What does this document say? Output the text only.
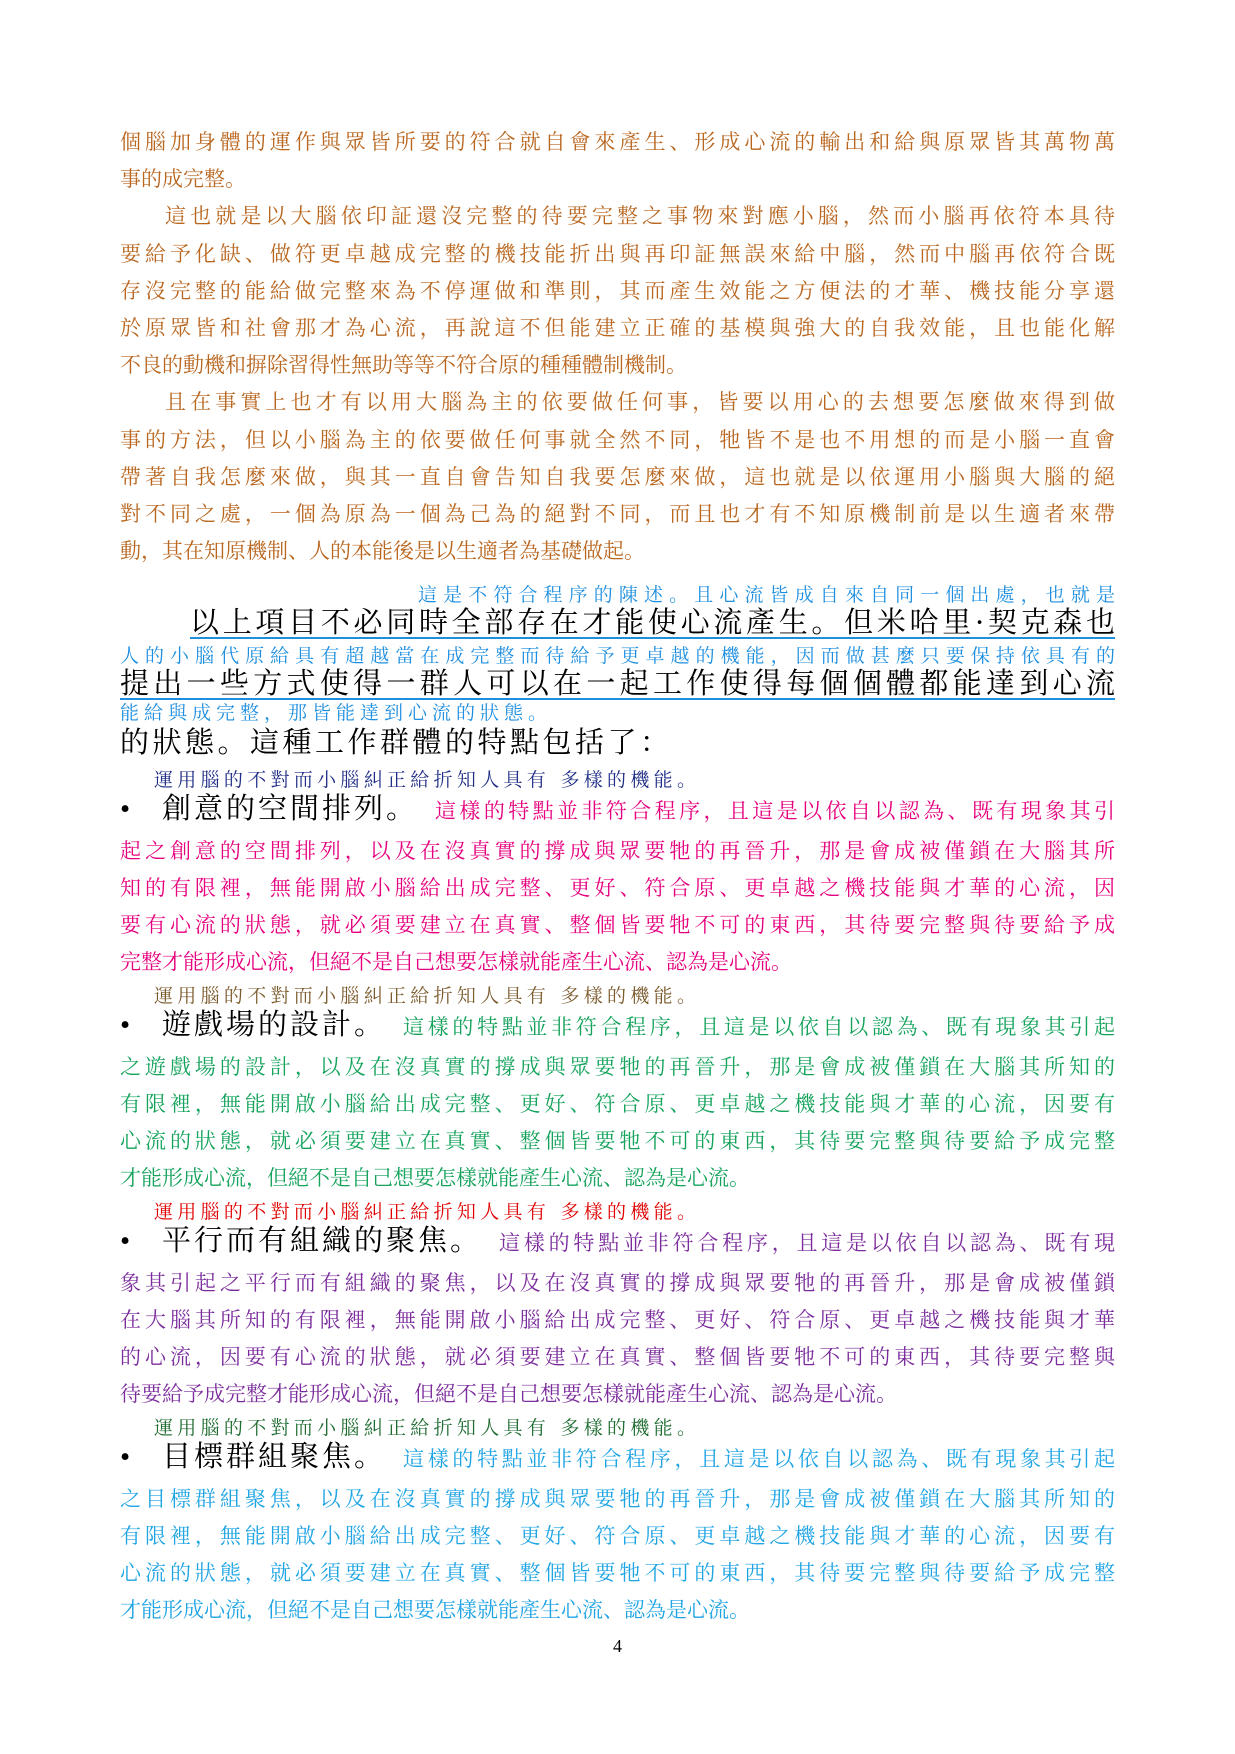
個腦加身體的運作與眾皆所要的符合就自會來產生、形成心流的輸出和給與原眾皆其萬物萬
事的成完整。
這也就是以大腦依印証還沒完整的待要完整之事物來對應小腦，然而小腦再依符本具待
要給予化缺、做符更卓越成完整的機技能折出與再印証無誤來給中腦，然而中腦再依符合既
存沒完整的能給做完整來為不停運做和準則，其而產生效能之方便法的才華、機技能分享還
於原眾皆和社會那才為心流，再說這不但能建立正確的基模與強大的自我效能，且也能化解
不良的動機和摒除習得性無助等等不符合原的種種體制機制。
且在事實上也才有以用大腦為主的依要做任何事，皆要以用心的去想要怎麼做來得到做
事的方法，但以小腦為主的依要做任何事就全然不同，牠皆不是也不用想的而是小腦一直會
帶著自我怎麼來做，與其一直自會告知自我要怎麼來做，這也就是以依運用小腦與大腦的絕
對不同之處，一個為原為一個為己為的絕對不同，而且也才有不知原機制前是以生適者來帶
動，其在知原機制、人的本能後是以生適者為基礎做起。
這是不符合程序的陳述。且心流皆成自來自同一個出處，也就是
以上項目不必同時全部存在才能使心流產生。但米哈里·契克森也
人的小腦代原給具有超越當在成完整而待給予更卓越的機能，因而做甚麼只要保持依具有的
提出一些方式使得一群人可以在一起工作使得每個個體都能達到心流
能給與成完整，那皆能達到心流的狀態。
的狀態。這種工作群體的特點包括了：
運用腦的不對而小腦糾正給折知人具有 多樣的機能。
•	創意的空間排列 。 這樣的特點並非符合程序，且這是以依自以認為、既有現象其引
起之創意的空間排列，以及在沒真實的撐成與眾要牠的再晉升，那是會成被僅鎖在大腦其所
知的有限裡，無能開啟小腦給出成完整、更好、符合原、更卓越之機技能與才華的心流，因
要有心流的狀態，就必須要建立在真實、整個皆要牠不可的東西，其待要完整與待要給予成
完整才能形成心流，但絕不是自己想要怎樣就能產生心流、認為是心流。
運用腦的不對而小腦糾正給折知人具有 多樣的機能。
•	遊戲場的設計 。 這樣的特點並非符合程序，且這是以依自以認為、既有現象其引起
之遊戲場的設計，以及在沒真實的撐成與眾要牠的再晉升，那是會成被僅鎖在大腦其所知的
有限裡，無能開啟小腦給出成完整、更好、符合原、更卓越之機技能與才華的心流，因要有
心流的狀態，就必須要建立在真實、整個皆要牠不可的東西，其待要完整與待要給予成完整
才能形成心流，但絕不是自己想要怎樣就能產生心流、認為是心流。
運用腦的不對而小腦糾正給折知人具有 多樣的機能。
•	平行而有組織的聚焦 。 這樣的特點並非符合程序，且這是以依自以認為、既有現
象其引起之平行而有組織的聚焦，以及在沒真實的撐成與眾要牠的再晉升，那是會成被僅鎖
在大腦其所知的有限裡，無能開啟小腦給出成完整、更好、符合原、更卓越之機技能與才華
的心流，因要有心流的狀態，就必須要建立在真實、整個皆要牠不可的東西，其待要完整與
待要給予成完整才能形成心流，但絕不是自己想要怎樣就能產生心流、認為是心流。
運用腦的不對而小腦糾正給折知人具有 多樣的機能。
•	目標群組聚焦 。 這樣的特點並非符合程序，且這是以依自以認為、既有現象其引起
之目標群組聚焦，以及在沒真實的撐成與眾要牠的再晉升，那是會成被僅鎖在大腦其所知的
有限裡，無能開啟小腦給出成完整、更好、符合原、更卓越之機技能與才華的心流，因要有
心流的狀態，就必須要建立在真實、整個皆要牠不可的東西，其待要完整與待要給予成完整
才能形成心流，但絕不是自己想要怎樣就能產生心流、認為是心流。
4
